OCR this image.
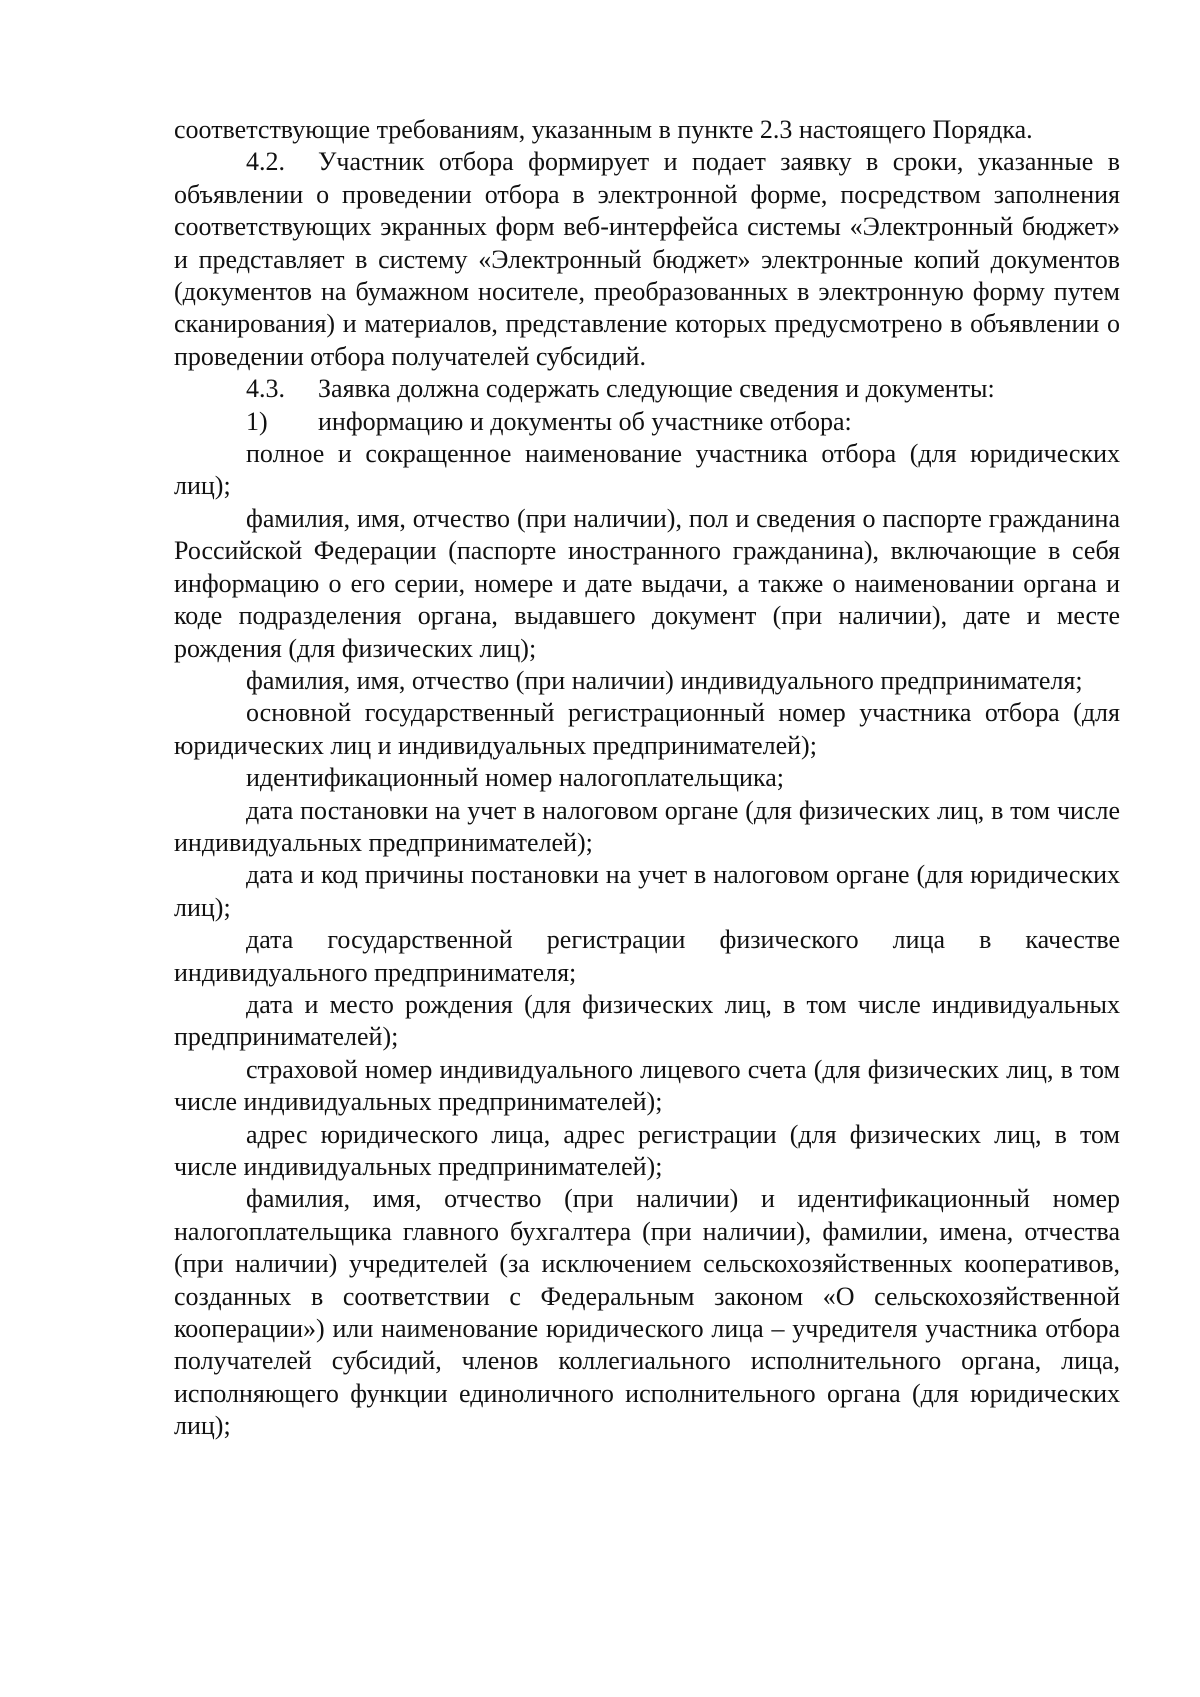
соответствующие требованиям, указанным в пункте 2.3 настоящего Порядка.

4.2. Участник отбора формирует и подает заявку в сроки, указанные в объявлении о проведении отбора в электронной форме, посредством заполнения соответствующих экранных форм веб-интерфейса системы «Электронный бюджет» и представляет в систему «Электронный бюджет» электронные копий документов (документов на бумажном носителе, преобразованных в электронную форму путем сканирования) и материалов, представление которых предусмотрено в объявлении о проведении отбора получателей субсидий.

4.3. Заявка должна содержать следующие сведения и документы:

1) информацию и документы об участнике отбора:

полное и сокращенное наименование участника отбора (для юридических лиц);

фамилия, имя, отчество (при наличии), пол и сведения о паспорте гражданина Российской Федерации (паспорте иностранного гражданина), включающие в себя информацию о его серии, номере и дате выдачи, а также о наименовании органа и коде подразделения органа, выдавшего документ (при наличии), дате и месте рождения (для физических лиц);

фамилия, имя, отчество (при наличии) индивидуального предпринимателя;

основной государственный регистрационный номер участника отбора (для юридических лиц и индивидуальных предпринимателей);

идентификационный номер налогоплательщика;

дата постановки на учет в налоговом органе (для физических лиц, в том числе индивидуальных предпринимателей);

дата и код причины постановки на учет в налоговом органе (для юридических лиц);

дата государственной регистрации физического лица в качестве индивидуального предпринимателя;

дата и место рождения (для физических лиц, в том числе индивидуальных предпринимателей);

страховой номер индивидуального лицевого счета (для физических лиц, в том числе индивидуальных предпринимателей);

адрес юридического лица, адрес регистрации (для физических лиц, в том числе индивидуальных предпринимателей);

фамилия, имя, отчество (при наличии) и идентификационный номер налогоплательщика главного бухгалтера (при наличии), фамилии, имена, отчества (при наличии) учредителей (за исключением сельскохозяйственных кооперативов, созданных в соответствии с Федеральным законом «О сельскохозяйственной кооперации») или наименование юридического лица – учредителя участника отбора получателей субсидий, членов коллегиального исполнительного органа, лица, исполняющего функции единоличного исполнительного органа (для юридических лиц);
